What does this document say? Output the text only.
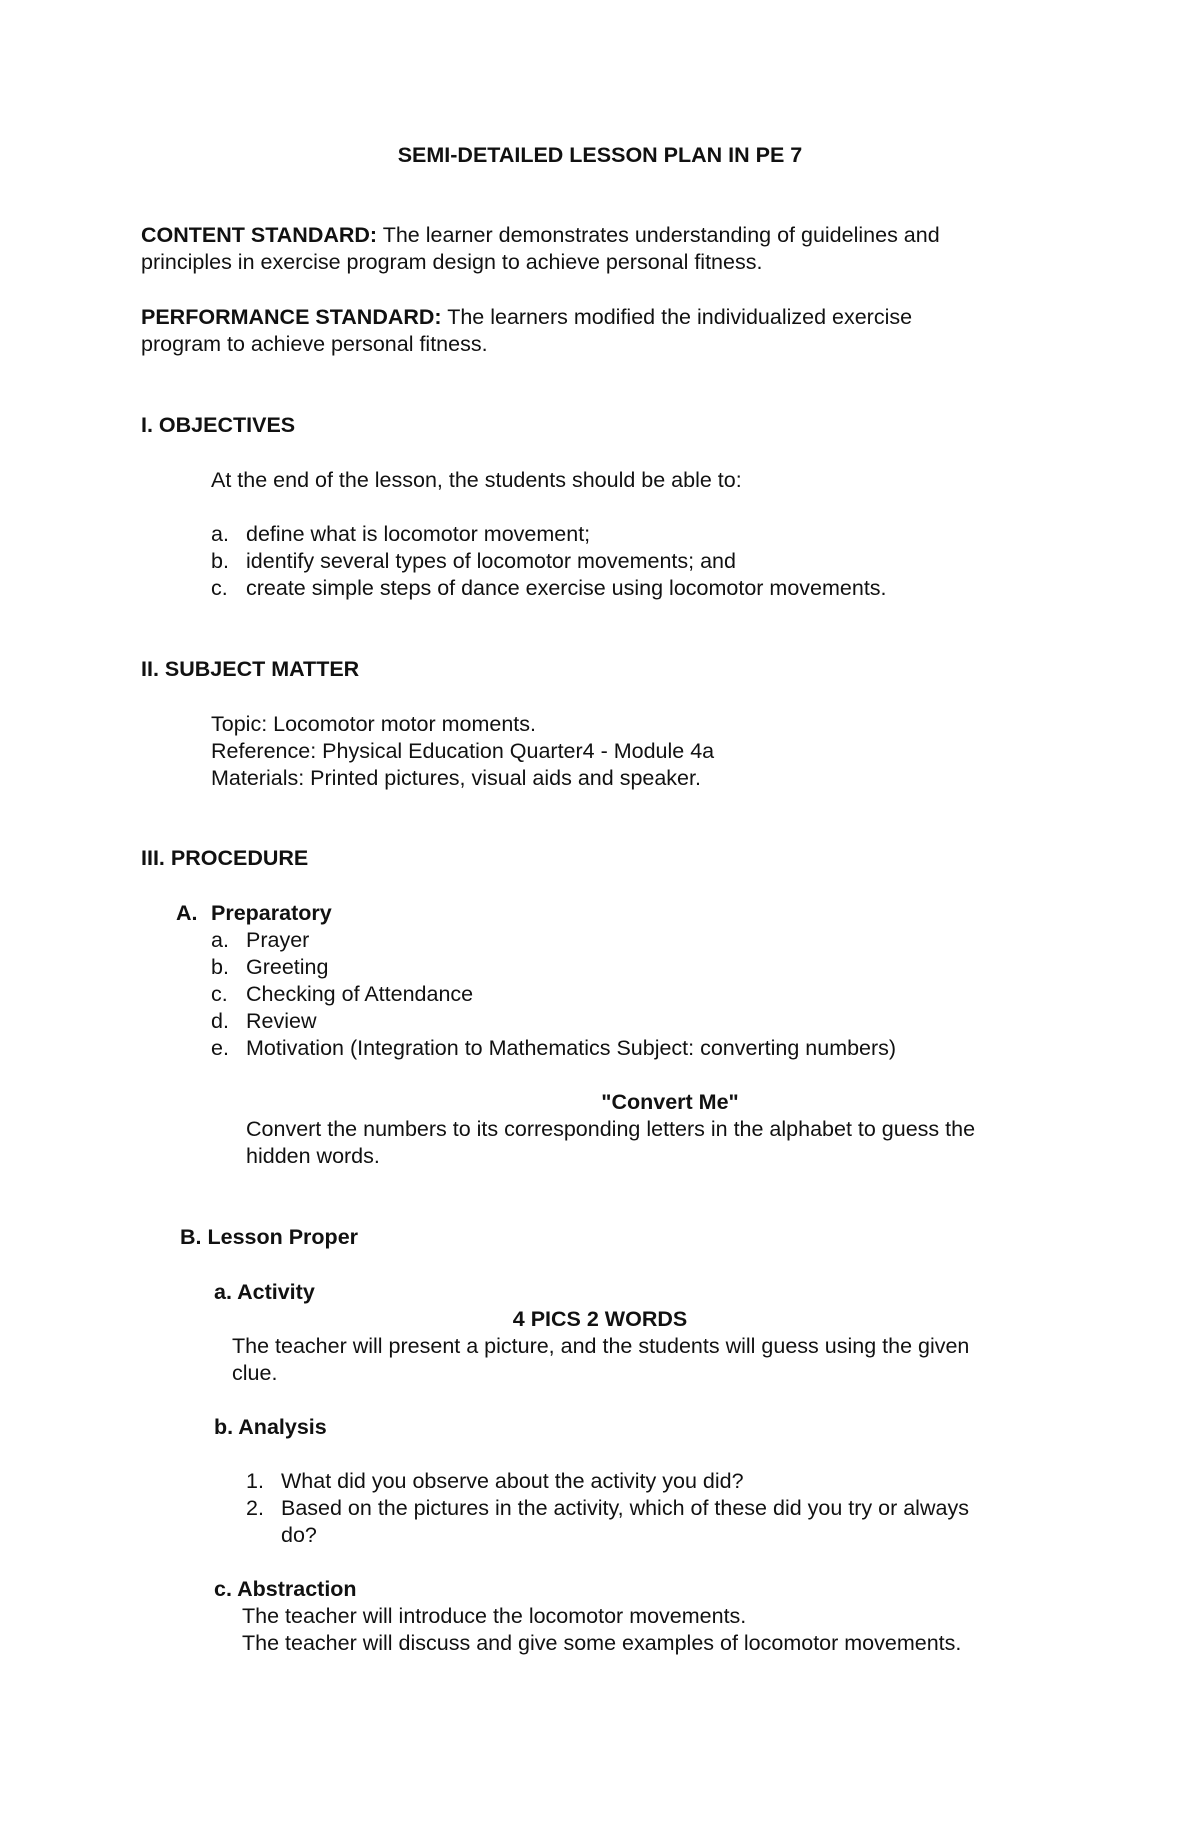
SEMI-DETAILED LESSON PLAN IN PE 7
CONTENT STANDARD: The learner demonstrates understanding of guidelines and
principles in exercise program design to achieve personal fitness.
PERFORMANCE STANDARD: The learners modified the individualized exercise
program to achieve personal fitness.
I. OBJECTIVES
At the end of the lesson, the students should be able to:
a. define what is locomotor movement;
b. identify several types of locomotor movements; and
c. create simple steps of dance exercise using locomotor movements.
II. SUBJECT MATTER
Topic: Locomotor motor moments.
Reference: Physical Education Quarter4 - Module 4a
Materials: Printed pictures, visual aids and speaker.
III. PROCEDURE
A. Preparatory
a. Prayer
b. Greeting
c. Checking of Attendance
d. Review
e. Motivation (Integration to Mathematics Subject: converting numbers)
"Convert Me"
Convert the numbers to its corresponding letters in the alphabet to guess the
hidden words.
B. Lesson Proper
a. Activity
4 PICS 2 WORDS
The teacher will present a picture, and the students will guess using the given
clue.
b. Analysis
1. What did you observe about the activity you did?
2. Based on the pictures in the activity, which of these did you try or always
do?
c. Abstraction
The teacher will introduce the locomotor movements.
The teacher will discuss and give some examples of locomotor movements.
